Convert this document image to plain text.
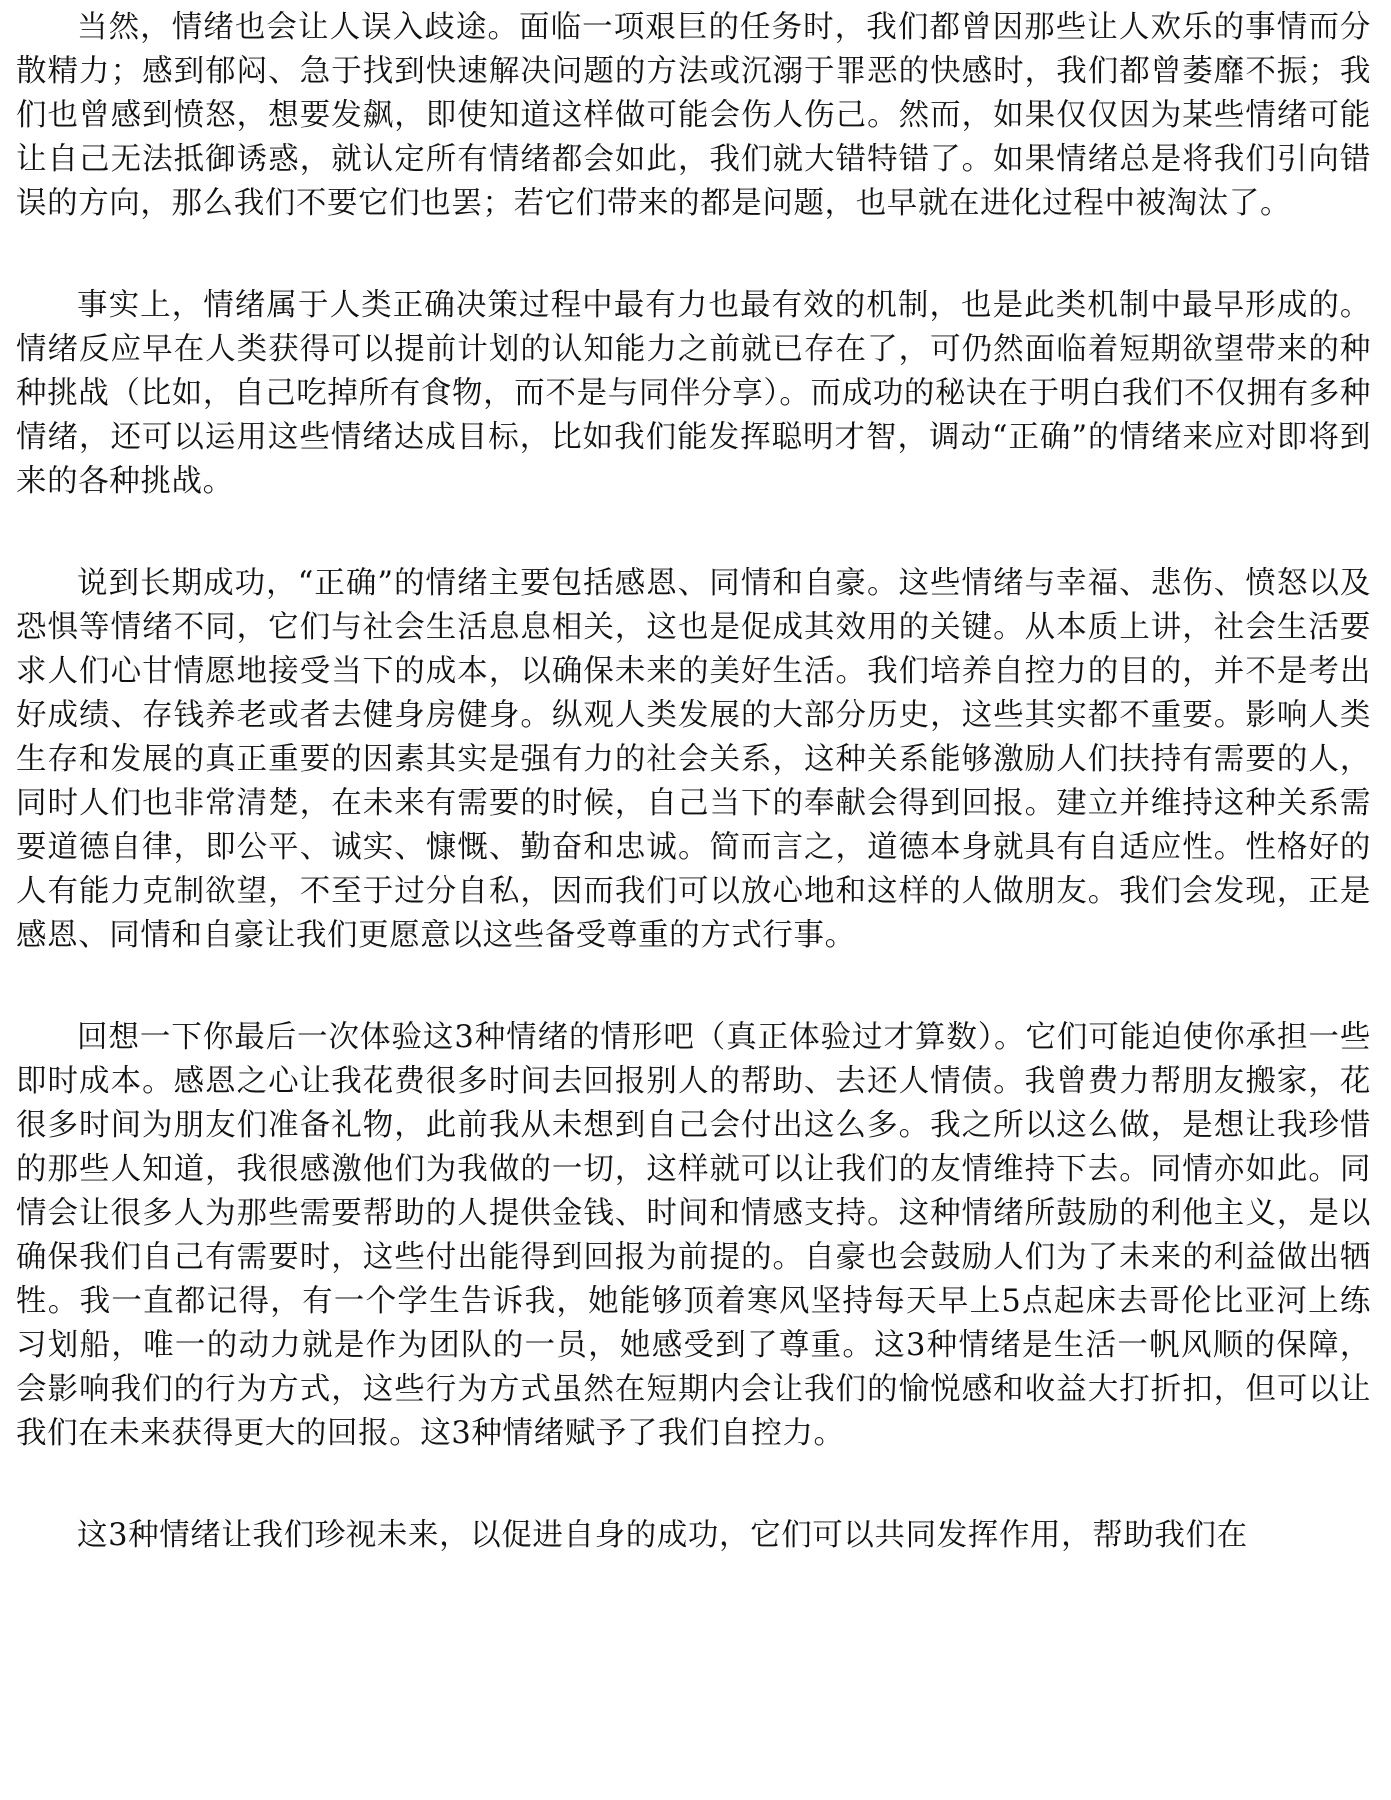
当然，情绪也会让人误入歧途。面临一项艰巨的任务时，我们都曾因那些让人欢乐的事情而分散精力；感到郁闷、急于找到快速解决问题的方法或沉溺于罪恶的快感时，我们都曾萎靡不振；我们也曾感到愤怒，想要发飙，即使知道这样做可能会伤人伤己。然而，如果仅仅因为某些情绪可能让自己无法抵御诱惑，就认定所有情绪都会如此，我们就大错特错了。如果情绪总是将我们引向错误的方向，那么我们不要它们也罢；若它们带来的都是问题，也早就在进化过程中被淘汰了。

事实上，情绪属于人类正确决策过程中最有力也最有效的机制，也是此类机制中最早形成的。情绪反应早在人类获得可以提前计划的认知能力之前就已存在了，可仍然面临着短期欲望带来的种种挑战（比如，自己吃掉所有食物，而不是与同伴分享）。而成功的秘诀在于明白我们不仅拥有多种情绪，还可以运用这些情绪达成目标，比如我们能发挥聪明才智，调动“正确”的情绪来应对即将到来的各种挑战。

说到长期成功，“正确”的情绪主要包括感恩、同情和自豪。这些情绪与幸福、悲伤、愤怒以及恐惧等情绪不同，它们与社会生活息息相关，这也是促成其效用的关键。从本质上讲，社会生活要求人们心甘情愿地接受当下的成本，以确保未来的美好生活。我们培养自控力的目的，并不是考出好成绩、存钱养老或者去健身房健身。纵观人类发展的大部分历史，这些其实都不重要。影响人类生存和发展的真正重要的因素其实是强有力的社会关系，这种关系能够激励人们扶持有需要的人，同时人们也非常清楚，在未来有需要的时候，自己当下的奉献会得到回报。建立并维持这种关系需要道德自律，即公平、诚实、慷慨、勤奋和忠诚。简而言之，道德本身就具有自适应性。性格好的人有能力克制欲望，不至于过分自私，因而我们可以放心地和这样的人做朋友。我们会发现，正是感恩、同情和自豪让我们更愿意以这些备受尊重的方式行事。

回想一下你最后一次体验这3种情绪的情形吧（真正体验过才算数）。它们可能迫使你承担一些即时成本。感恩之心让我花费很多时间去回报别人的帮助、去还人情债。我曾费力帮朋友搬家，花很多时间为朋友们准备礼物，此前我从未想到自己会付出这么多。我之所以这么做，是想让我珍惜的那些人知道，我很感激他们为我做的一切，这样就可以让我们的友情维持下去。同情亦如此。同情会让很多人为那些需要帮助的人提供金钱、时间和情感支持。这种情绪所鼓励的利他主义，是以确保我们自己有需要时，这些付出能得到回报为前提的。自豪也会鼓励人们为了未来的利益做出牺牲。我一直都记得，有一个学生告诉我，她能够顶着寒风坚持每天早上5点起床去哥伦比亚河上练习划船，唯一的动力就是作为团队的一员，她感受到了尊重。这3种情绪是生活一帆风顺的保障，会影响我们的行为方式，这些行为方式虽然在短期内会让我们的愉悦感和收益大打折扣，但可以让我们在未来获得更大的回报。这3种情绪赋予了我们自控力。

这3种情绪让我们珍视未来，以促进自身的成功，它们可以共同发挥作用，帮助我们在
